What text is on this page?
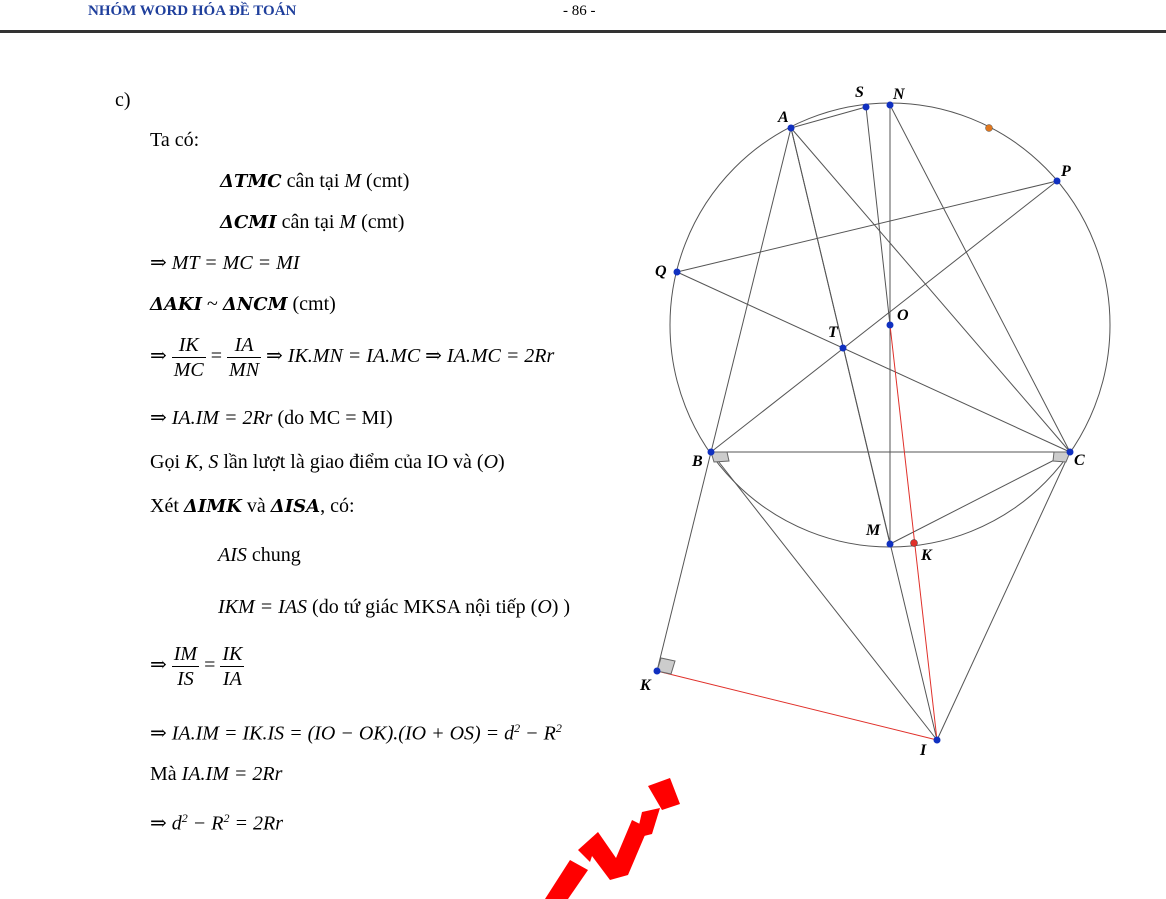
NHÓM WORD HÓA ĐỀ TOÁN	- 86 -
c)
Ta có:
ΔTMC cân tại M (cmt)
ΔCMI cân tại M (cmt)
⇒ MT = MC = MI
ΔAKI ~ ΔNCM (cmt)
⇒ $\frac{IK}{MC} = \frac{IA}{MN}$ ⇒ IK.MN = IA.MC ⇒ IA.MC = 2Rr
⇒ IA.IM = 2Rr (do MC = MI)
Gọi K, S lần lượt là giao điểm của IO và (O)
Xét ΔIMK và ΔISA, có:
AIS chung
IKM = IAS (do tứ giác MKSA nội tiếp (O) )
⇒ $\frac{IM}{IS} = \frac{IK}{IA}$
⇒ $IA.IM = IK.IS = (IO - OK).(IO + OS) = d^2 - R^2$
Mà IA.IM = 2Rr
⇒ $d^2 - R^2 = 2Rr$
A
S N
P
Q
O
T
B	C
M
K
K
I
